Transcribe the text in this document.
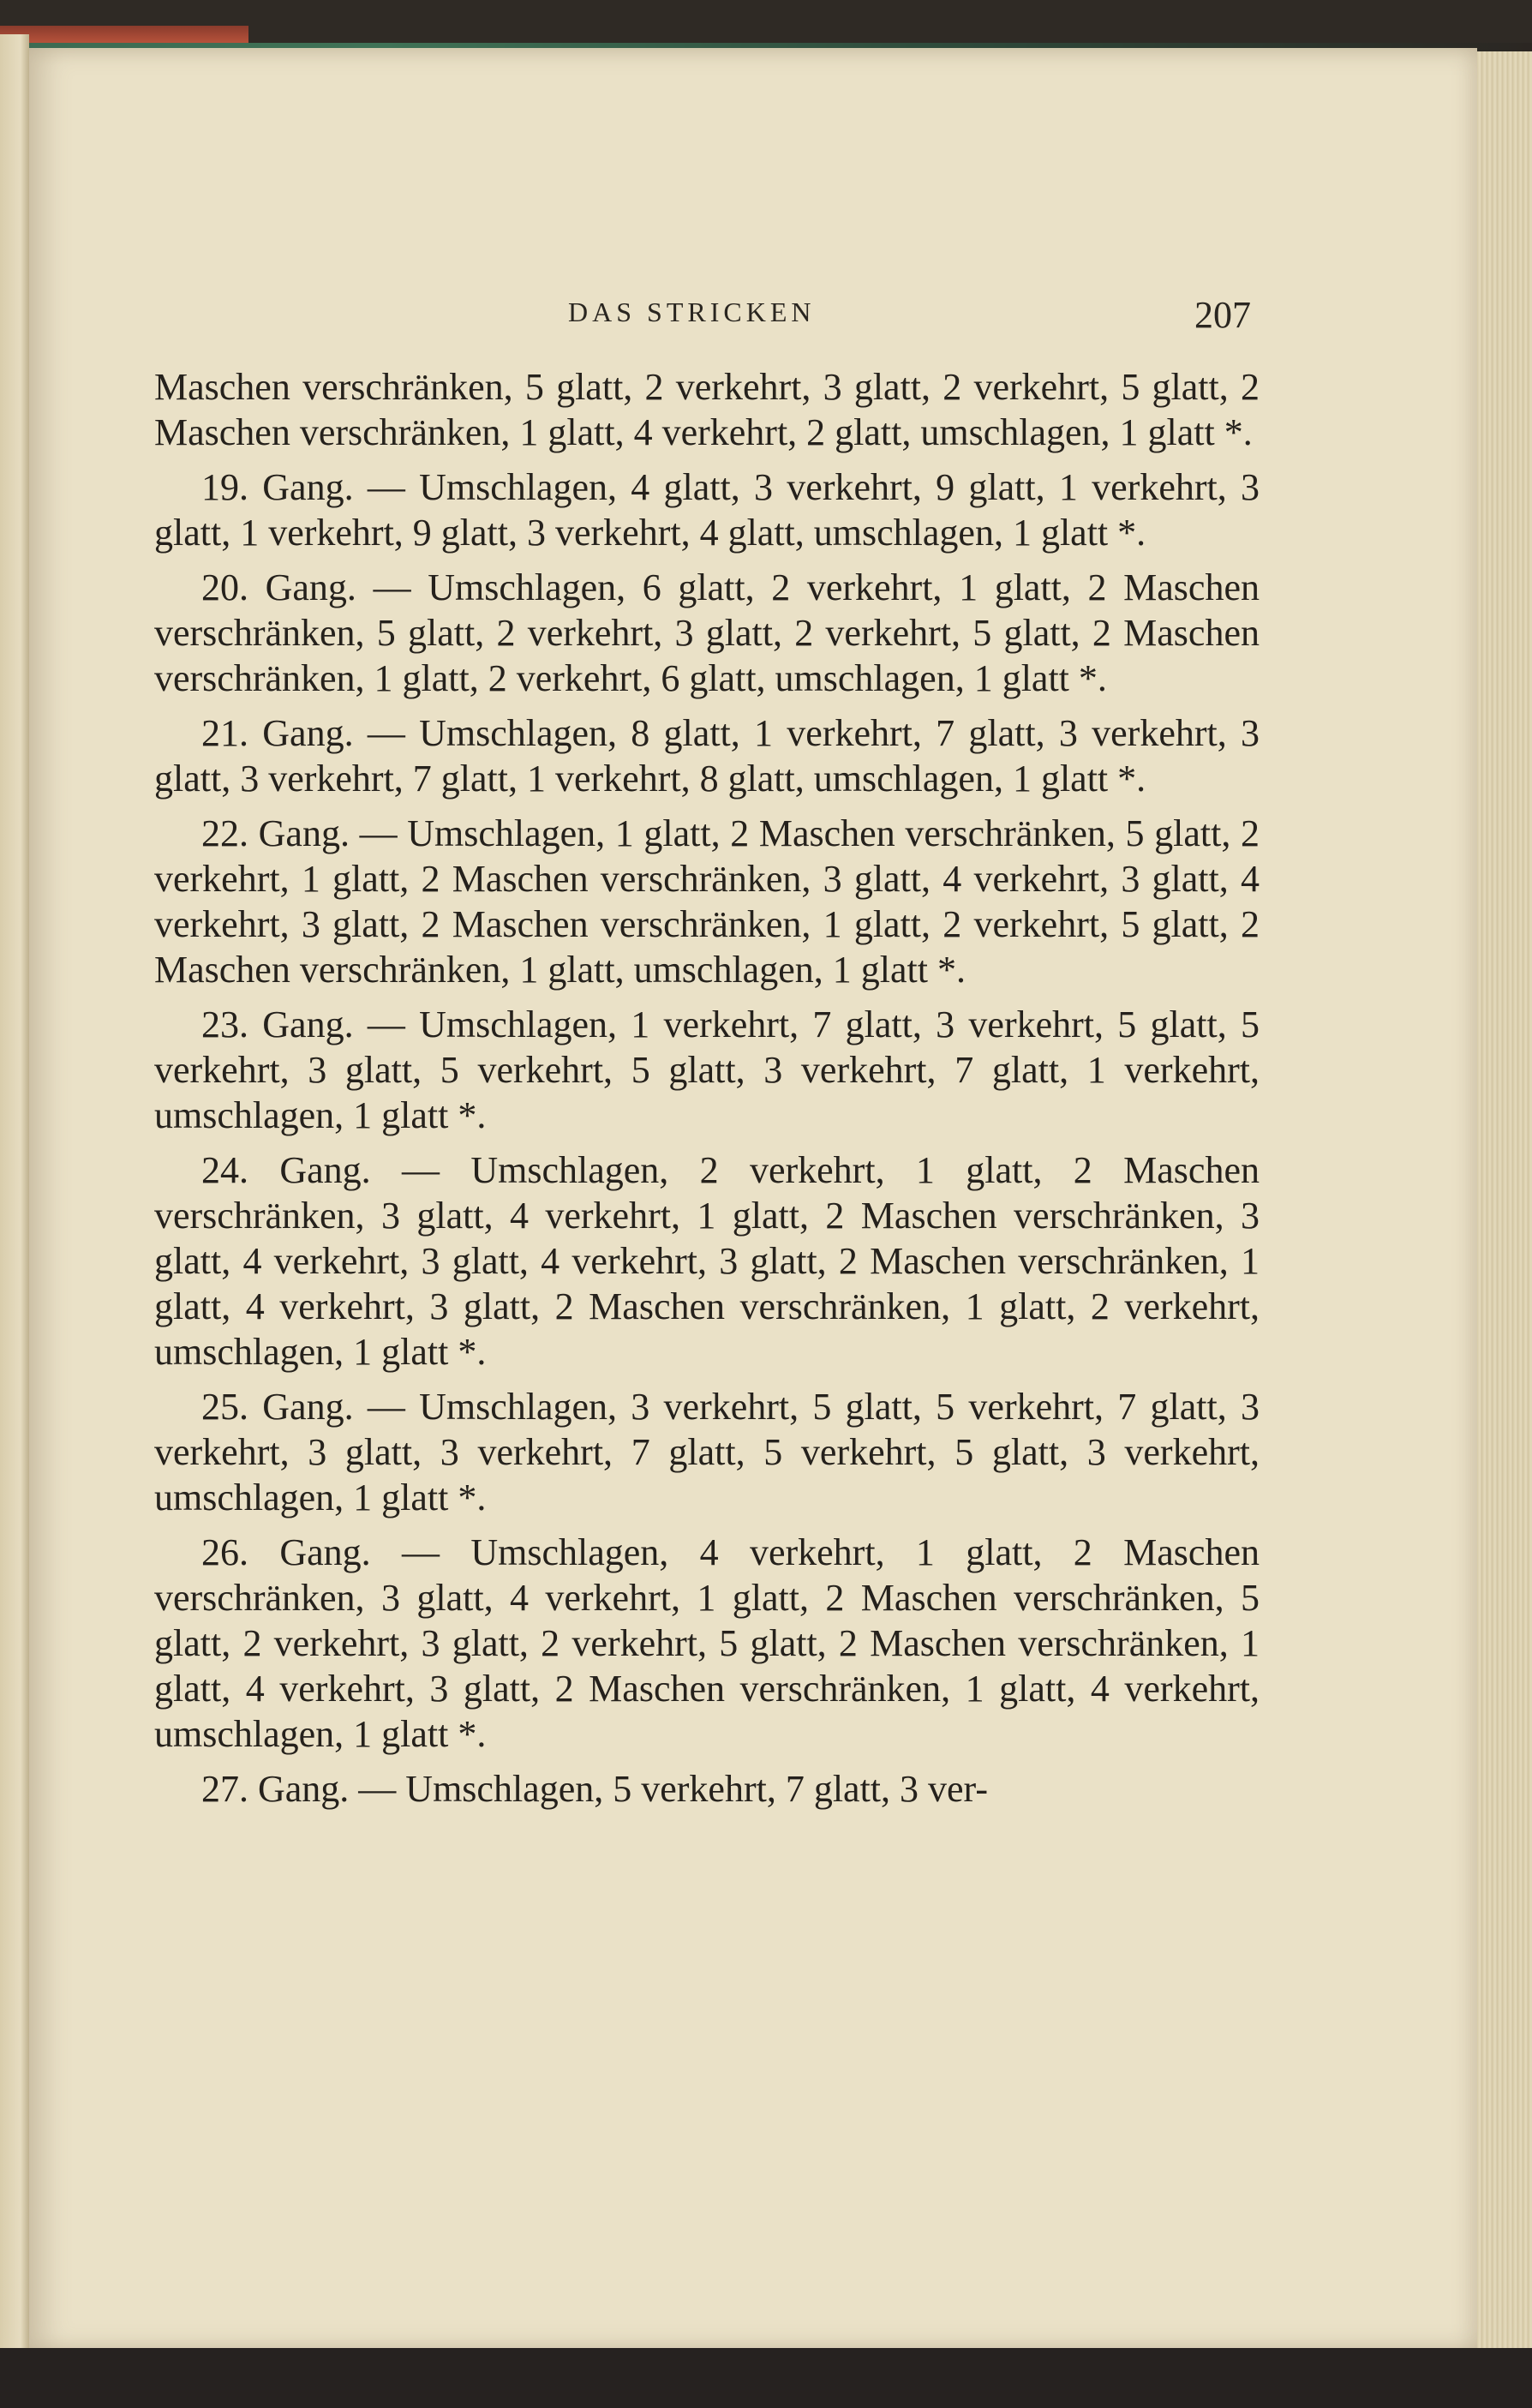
DAS STRICKEN	207

Maschen verschränken, 5 glatt, 2 verkehrt, 3 glatt, 2 verkehrt, 5 glatt, 2 Maschen verschränken, 1 glatt, 4 verkehrt, 2 glatt, umschlagen, 1 glatt *.

19. Gang. — Umschlagen, 4 glatt, 3 verkehrt, 9 glatt, 1 verkehrt, 3 glatt, 1 verkehrt, 9 glatt, 3 verkehrt, 4 glatt, umschlagen, 1 glatt *.

20. Gang. — Umschlagen, 6 glatt, 2 verkehrt, 1 glatt, 2 Maschen verschränken, 5 glatt, 2 verkehrt, 3 glatt, 2 verkehrt, 5 glatt, 2 Maschen verschränken, 1 glatt, 2 verkehrt, 6 glatt, umschlagen, 1 glatt *.

21. Gang. — Umschlagen, 8 glatt, 1 verkehrt, 7 glatt, 3 verkehrt, 3 glatt, 3 verkehrt, 7 glatt, 1 verkehrt, 8 glatt, umschlagen, 1 glatt *.

22. Gang. — Umschlagen, 1 glatt, 2 Maschen verschränken, 5 glatt, 2 verkehrt, 1 glatt, 2 Maschen verschränken, 3 glatt, 4 verkehrt, 3 glatt, 4 verkehrt, 3 glatt, 2 Maschen verschränken, 1 glatt, 2 verkehrt, 5 glatt, 2 Maschen verschränken, 1 glatt, umschlagen, 1 glatt *.

23. Gang. — Umschlagen, 1 verkehrt, 7 glatt, 3 verkehrt, 5 glatt, 5 verkehrt, 3 glatt, 5 verkehrt, 5 glatt, 3 verkehrt, 7 glatt, 1 verkehrt, umschlagen, 1 glatt *.

24. Gang. — Umschlagen, 2 verkehrt, 1 glatt, 2 Maschen verschränken, 3 glatt, 4 verkehrt, 1 glatt, 2 Maschen verschränken, 3 glatt, 4 verkehrt, 3 glatt, 4 verkehrt, 3 glatt, 2 Maschen verschränken, 1 glatt, 4 verkehrt, 3 glatt, 2 Maschen verschränken, 1 glatt, 2 verkehrt, umschlagen, 1 glatt *.

25. Gang. — Umschlagen, 3 verkehrt, 5 glatt, 5 verkehrt, 7 glatt, 3 verkehrt, 3 glatt, 3 verkehrt, 7 glatt, 5 verkehrt, 5 glatt, 3 verkehrt, umschlagen, 1 glatt *.

26. Gang. — Umschlagen, 4 verkehrt, 1 glatt, 2 Maschen verschränken, 3 glatt, 4 verkehrt, 1 glatt, 2 Maschen verschränken, 5 glatt, 2 verkehrt, 3 glatt, 2 verkehrt, 5 glatt, 2 Maschen verschränken, 1 glatt, 4 verkehrt, 3 glatt, 2 Maschen verschränken, 1 glatt, 4 verkehrt, umschlagen, 1 glatt *.

27. Gang. — Umschlagen, 5 verkehrt, 7 glatt, 3 ver-
